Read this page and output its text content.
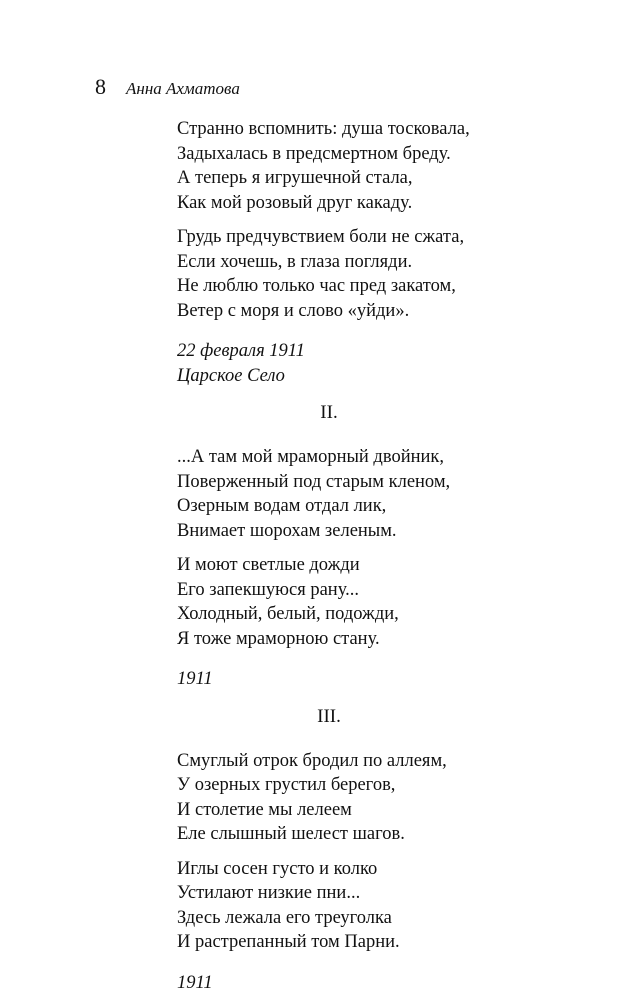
8 Анна Ахматова
Странно вспомнить: душа тосковала,
Задыхалась в предсмертном бреду.
А теперь я игрушечной стала,
Как мой розовый друг какаду.
Грудь предчувствием боли не сжата,
Если хочешь, в глаза погляди.
Не люблю только час пред закатом,
Ветер с моря и слово «уйди».
22 февраля 1911
Царское Село
II.
...А там мой мраморный двойник,
Поверженный под старым кленом,
Озерным водам отдал лик,
Внимает шорохам зеленым.
И моют светлые дожди
Его запекшуюся рану...
Холодный, белый, подожди,
Я тоже мраморною стану.
1911
III.
Смуглый отрок бродил по аллеям,
У озерных грустил берегов,
И столетие мы лелеем
Еле слышный шелест шагов.
Иглы сосен густо и колко
Устилают низкие пни...
Здесь лежала его треуголка
И растрепанный том Парни.
1911
